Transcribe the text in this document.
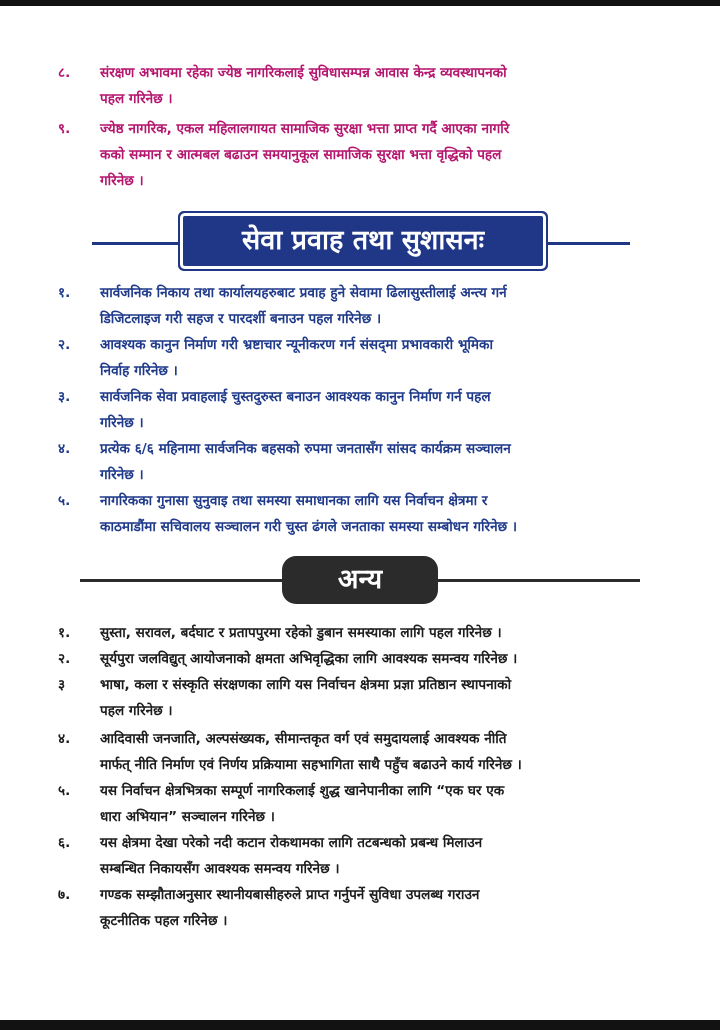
८.	संरक्षण अभावमा रहेका ज्येष्ठ नागरिकलाई सुविधासम्पन्न आवास केन्द्र व्यवस्थापनको
पहल गरिनेछ ।
९.	ज्येष्ठ नागरिक, एकल महिलालगायत सामाजिक सुरक्षा भत्ता प्राप्त गर्दै आएका नागरि
कको सम्मान र आत्मबल बढाउन समयानुकूल सामाजिक सुरक्षा भत्ता वृद्धिको पहल
गरिनेछ ।
सेवा प्रवाह तथा सुशासनः
१.	सार्वजनिक निकाय तथा कार्यालयहरुबाट प्रवाह हुने सेवामा ढिलासुस्तीलाई अन्त्य गर्न
डिजिटलाइज गरी सहज र पारदर्शी बनाउन पहल गरिनेछ ।
२.	आवश्यक कानुन निर्माण गरी भ्रष्टाचार न्यूनीकरण गर्न संसद्‌मा प्रभावकारी भूमिका
निर्वाह गरिनेछ ।
३.	सार्वजनिक सेवा प्रवाहलाई चुस्तदुरुस्त बनाउन आवश्यक कानुन निर्माण गर्न पहल
गरिनेछ ।
४.	प्रत्येक ६/६ महिनामा सार्वजनिक बहसको रुपमा जनतासँग सांसद कार्यक्रम सञ्चालन
गरिनेछ ।
५.	नागरिकका गुनासा सुनुवाइ तथा समस्या समाधानका लागि यस निर्वाचन क्षेत्रमा र
काठमाडौंमा सचिवालय सञ्चालन गरी चुस्त ढंगले जनताका समस्या सम्बोधन गरिनेछ ।
अन्य
१.	सुस्ता, सरावल, बर्दघाट र प्रतापपुरमा रहेको डुबान समस्याका लागि पहल गरिनेछ ।
२.	सूर्यपुरा जलविद्युत् आयोजनाको क्षमता अभिवृद्धिका लागि आवश्यक समन्वय गरिनेछ ।
३	भाषा, कला र संस्कृति संरक्षणका लागि यस निर्वाचन क्षेत्रमा प्रज्ञा प्रतिष्ठान स्थापनाको
पहल गरिनेछ ।
४.	आदिवासी जनजाति, अल्पसंख्यक, सीमान्तकृत वर्ग एवं समुदायलाई आवश्यक नीति
मार्फत् नीति निर्माण एवं निर्णय प्रक्रियामा सहभागिता साथै पहुँच बढाउने कार्य गरिनेछ ।
५.	यस निर्वाचन क्षेत्रभित्रका सम्पूर्ण नागरिकलाई शुद्ध खानेपानीका लागि “एक घर एक
धारा अभियान” सञ्चालन गरिनेछ ।
६.	यस क्षेत्रमा देखा परेको नदी कटान रोकथामका लागि तटबन्धको प्रबन्ध मिलाउन
सम्बन्धित निकायसँग आवश्यक समन्वय गरिनेछ ।
७.	गण्डक सम्झौताअनुसार स्थानीयबासीहरुले प्राप्त गर्नुपर्ने सुविधा उपलब्ध गराउन
कूटनीतिक पहल गरिनेछ ।
